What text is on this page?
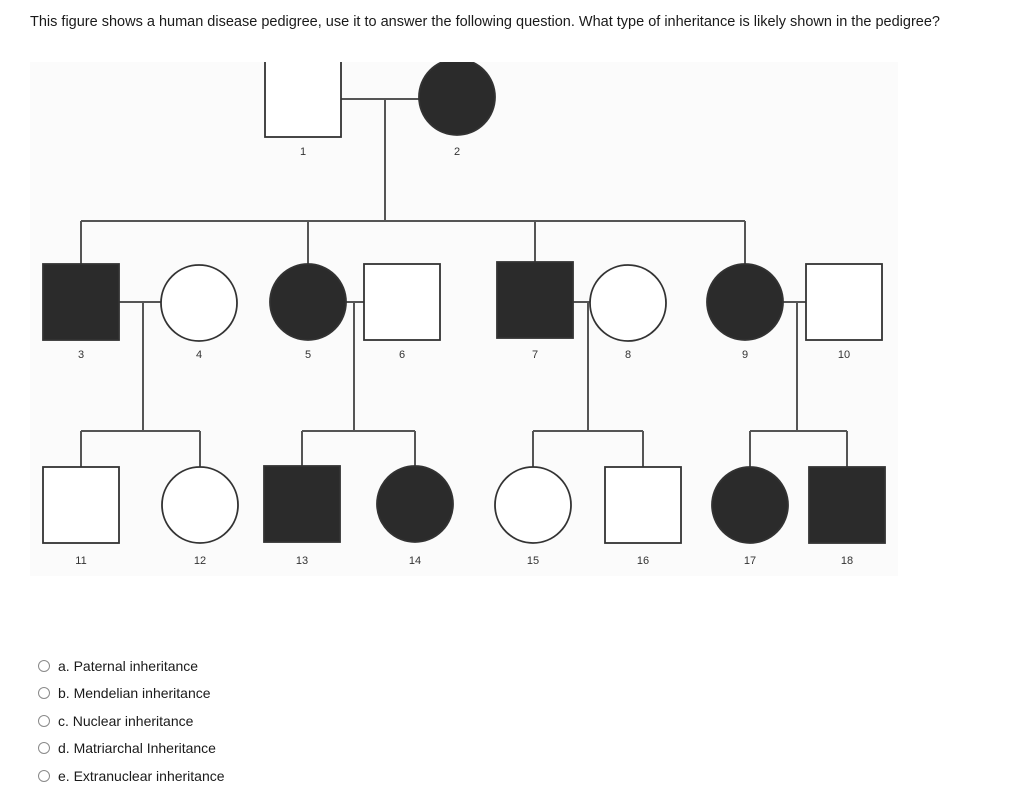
This figure shows a human disease pedigree, use it to answer the following question. What type of inheritance is likely shown in the pedigree?
1	2
3	4	5	6	7	8	9	10
11	12	13	14	15	16	17	18
a. Paternal inheritance
b. Mendelian inheritance
c. Nuclear inheritance
d. Matriarchal Inheritance
e. Extranuclear inheritance
